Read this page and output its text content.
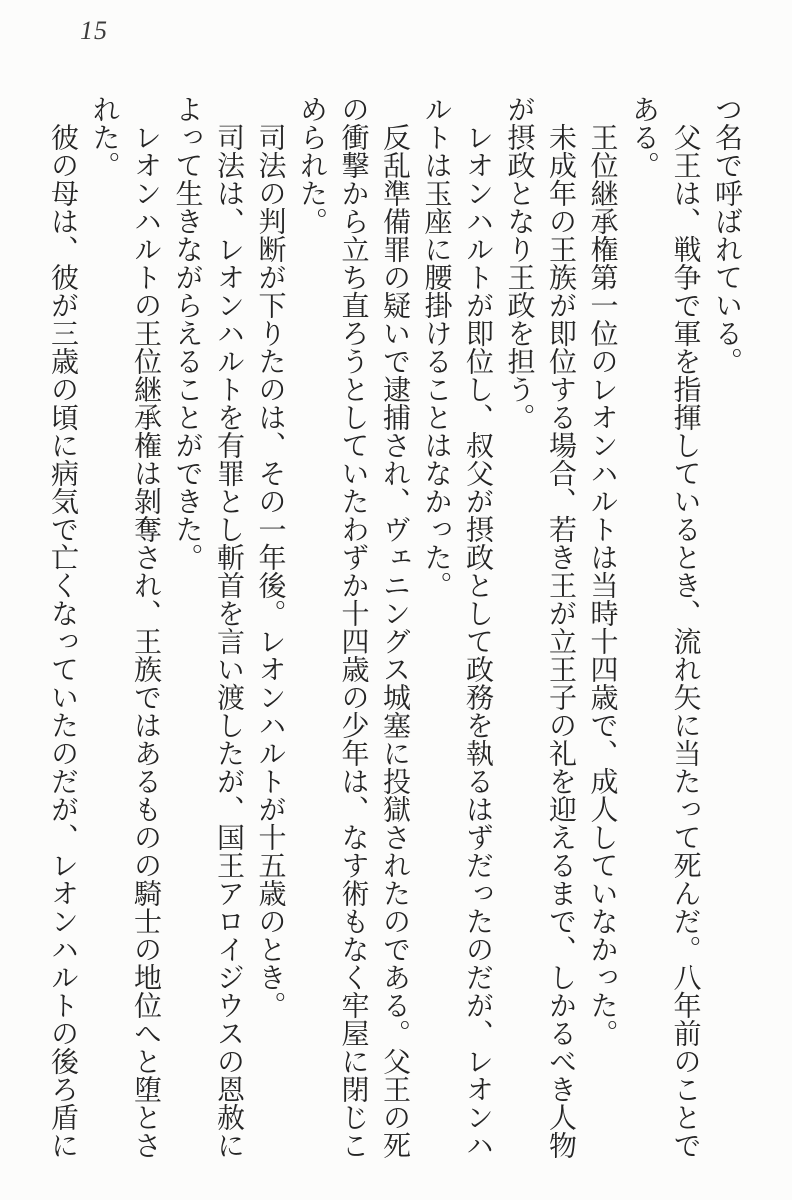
15

つ名で呼ばれている。

父王は、戦争で軍を指揮しているとき、流れ矢に当たって死んだ。八年前のことで

ある。

王位継承権第一位のレオンハルトは当時十四歳で、成人していなかった。

未成年の王族が即位する場合、若き王が立王子の礼を迎えるまで、しかるべき人物

が摂政となり王政を担う。

レオンハルトが即位し、叔父が摂政として政務を執るはずだったのだが、レオンハ

ルトは玉座に腰掛けることはなかった。

反乱準備罪の疑いで逮捕され、ヴェニングス城塞に投獄されたのである。父王の死

の衝撃から立ち直ろうとしていたわずか十四歳の少年は、なす術もなく牢屋に閉じこ

められた。

司法の判断が下りたのは、その一年後。レオンハルトが十五歳のとき。

司法は、レオンハルトを有罪とし斬首を言い渡したが、国王アロイジウスの恩赦に

よって生きながらえることができた。

レオンハルトの王位継承権は剝奪され、王族ではあるものの騎士の地位へと堕とさ

れた。

彼の母は、彼が三歳の頃に病気で亡くなっていたのだが、レオンハルトの後ろ盾に
